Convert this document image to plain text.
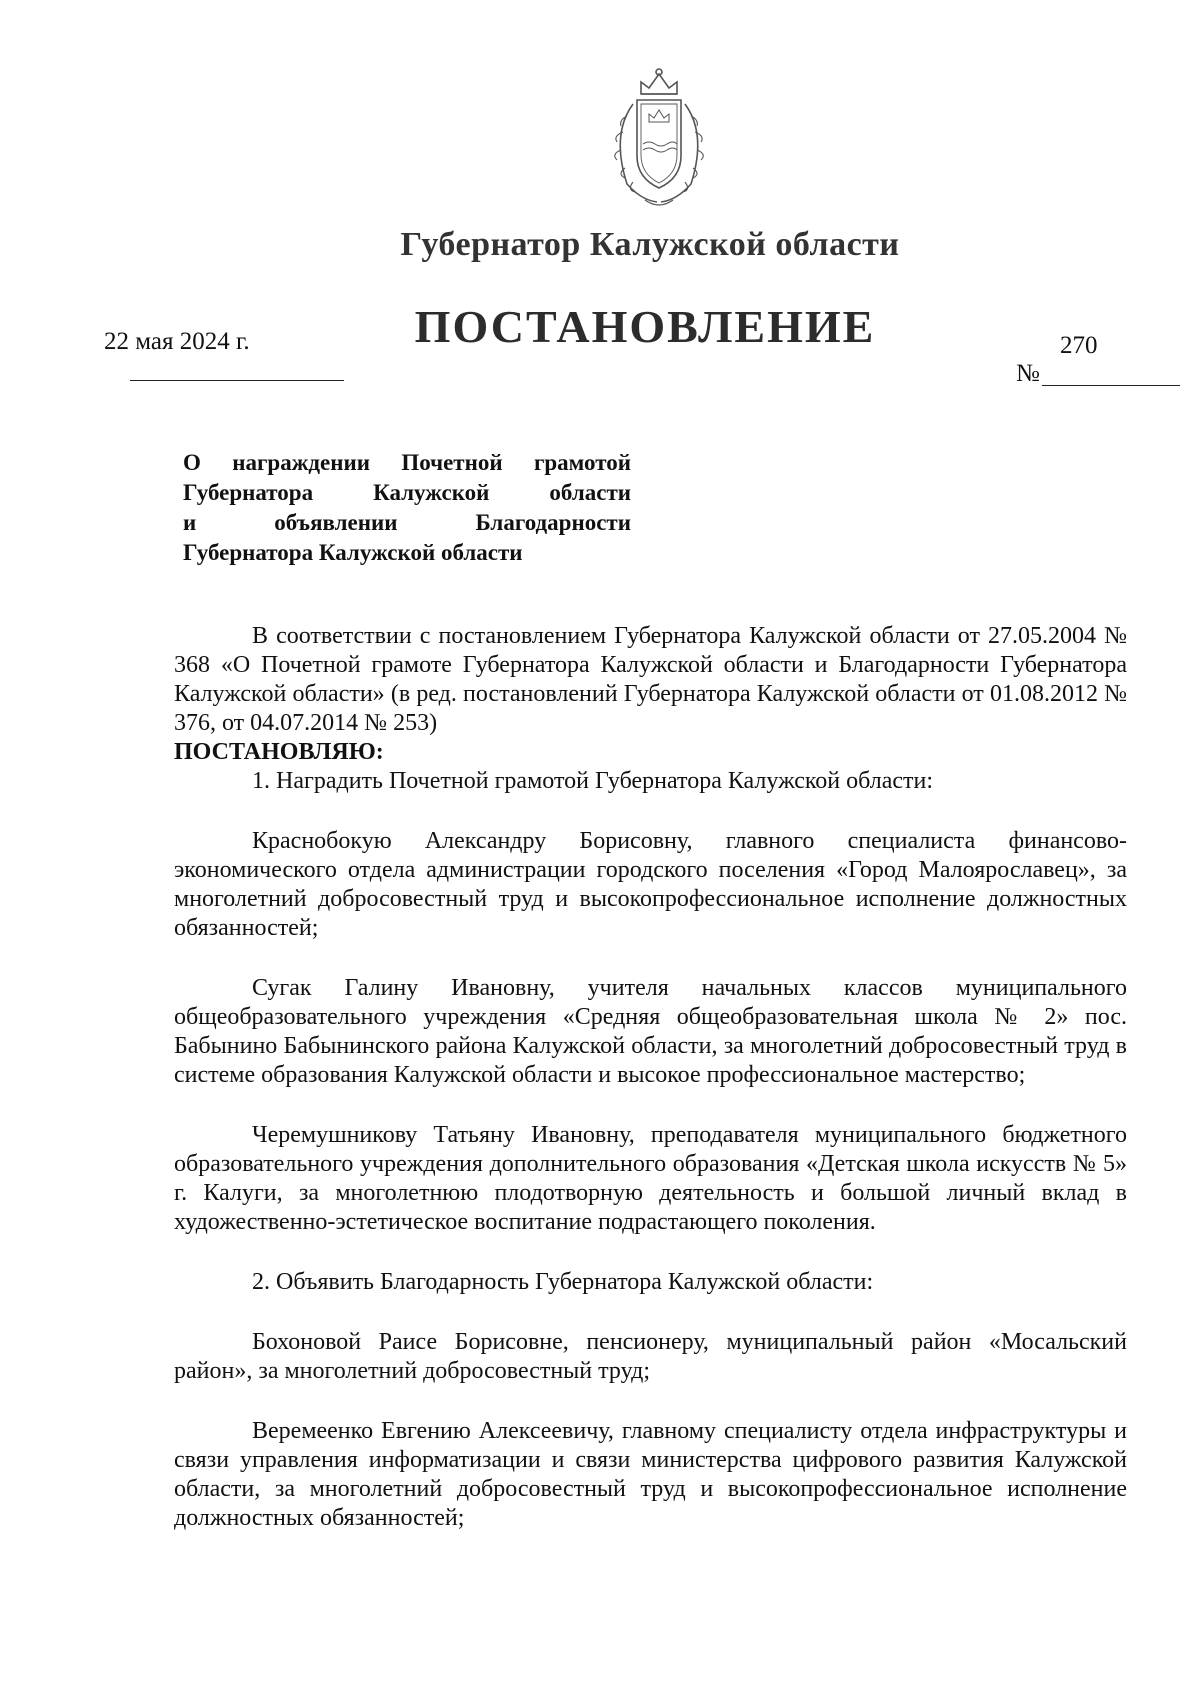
Губернатор Калужской области
ПОСТАНОВЛЕНИЕ
22 мая 2024 г.	270
№
О награждении Почетной грамотой
Губернатора Калужской области
и объявлении Благодарности
Губернатора Калужской области

В соответствии с постановлением Губернатора Калужской области от 27.05.2004 № 368 «О Почетной грамоте Губернатора Калужской области и Благодарности Губернатора Калужской области» (в ред. постановлений Губернатора Калужской области от 01.08.2012 № 376, от 04.07.2014 № 253)

ПОСТАНОВЛЯЮ:

1. Наградить Почетной грамотой Губернатора Калужской области:

Краснобокую Александру Борисовну, главного специалиста финансово-экономического отдела администрации городского поселения «Город Малоярославец», за многолетний добросовестный труд и высокопрофессиональное исполнение должностных обязанностей;

Сугак Галину Ивановну, учителя начальных классов муниципального общеобразовательного учреждения «Средняя общеобразовательная школа № 2» пос. Бабынино Бабынинского района Калужской области, за многолетний добросовестный труд в системе образования Калужской области и высокое профессиональное мастерство;

Черемушникову Татьяну Ивановну, преподавателя муниципального бюджетного образовательного учреждения дополнительного образования «Детская школа искусств № 5» г. Калуги, за многолетнюю плодотворную деятельность и большой личный вклад в художественно-эстетическое воспитание подрастающего поколения.

2. Объявить Благодарность Губернатора Калужской области:

Бохоновой Раисе Борисовне, пенсионеру, муниципальный район «Мосальский район», за многолетний добросовестный труд;

Веремеенко Евгению Алексеевичу, главному специалисту отдела инфраструктуры и связи управления информатизации и связи министерства цифрового развития Калужской области, за многолетний добросовестный труд и высокопрофессиональное исполнение должностных обязанностей;
